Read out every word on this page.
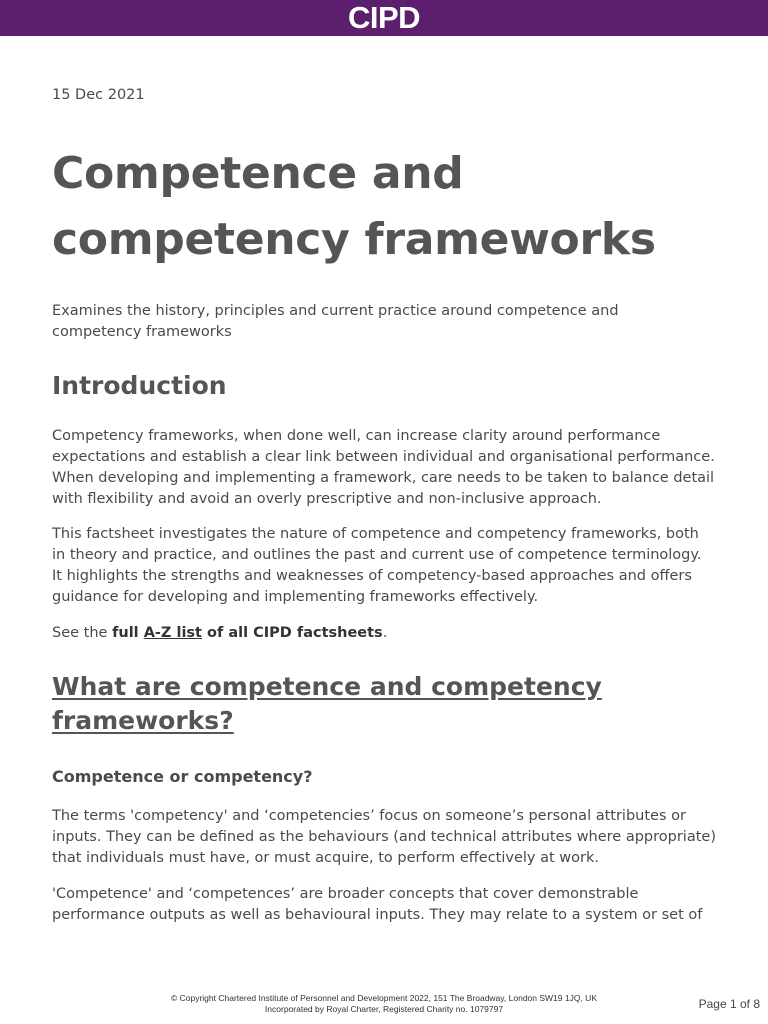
CIPD
15 Dec 2021
Competence and competency frameworks

Examines the history, principles and current practice around competence and competency frameworks

Introduction

Competency frameworks, when done well, can increase clarity around performance expectations and establish a clear link between individual and organisational performance. When developing and implementing a framework, care needs to be taken to balance detail with flexibility and avoid an overly prescriptive and non-inclusive approach.

This factsheet investigates the nature of competence and competency frameworks, both in theory and practice, and outlines the past and current use of competence terminology. It highlights the strengths and weaknesses of competency-based approaches and offers guidance for developing and implementing frameworks effectively.

See the full A-Z list of all CIPD factsheets.

What are competence and competency frameworks?
Competence or competency?

The terms 'competency' and ‘competencies’ focus on someone’s personal attributes or inputs. They can be defined as the behaviours (and technical attributes where appropriate) that individuals must have, or must acquire, to perform effectively at work.

'Competence' and ‘competences’ are broader concepts that cover demonstrable performance outputs as well as behavioural inputs. They may relate to a system or set of

© Copyright Chartered Institute of Personnel and Development 2022, 151 The Broadway, London SW19 1JQ, UK
Incorporated by Royal Charter, Registered Charity no. 1079797	Page 1 of 8
